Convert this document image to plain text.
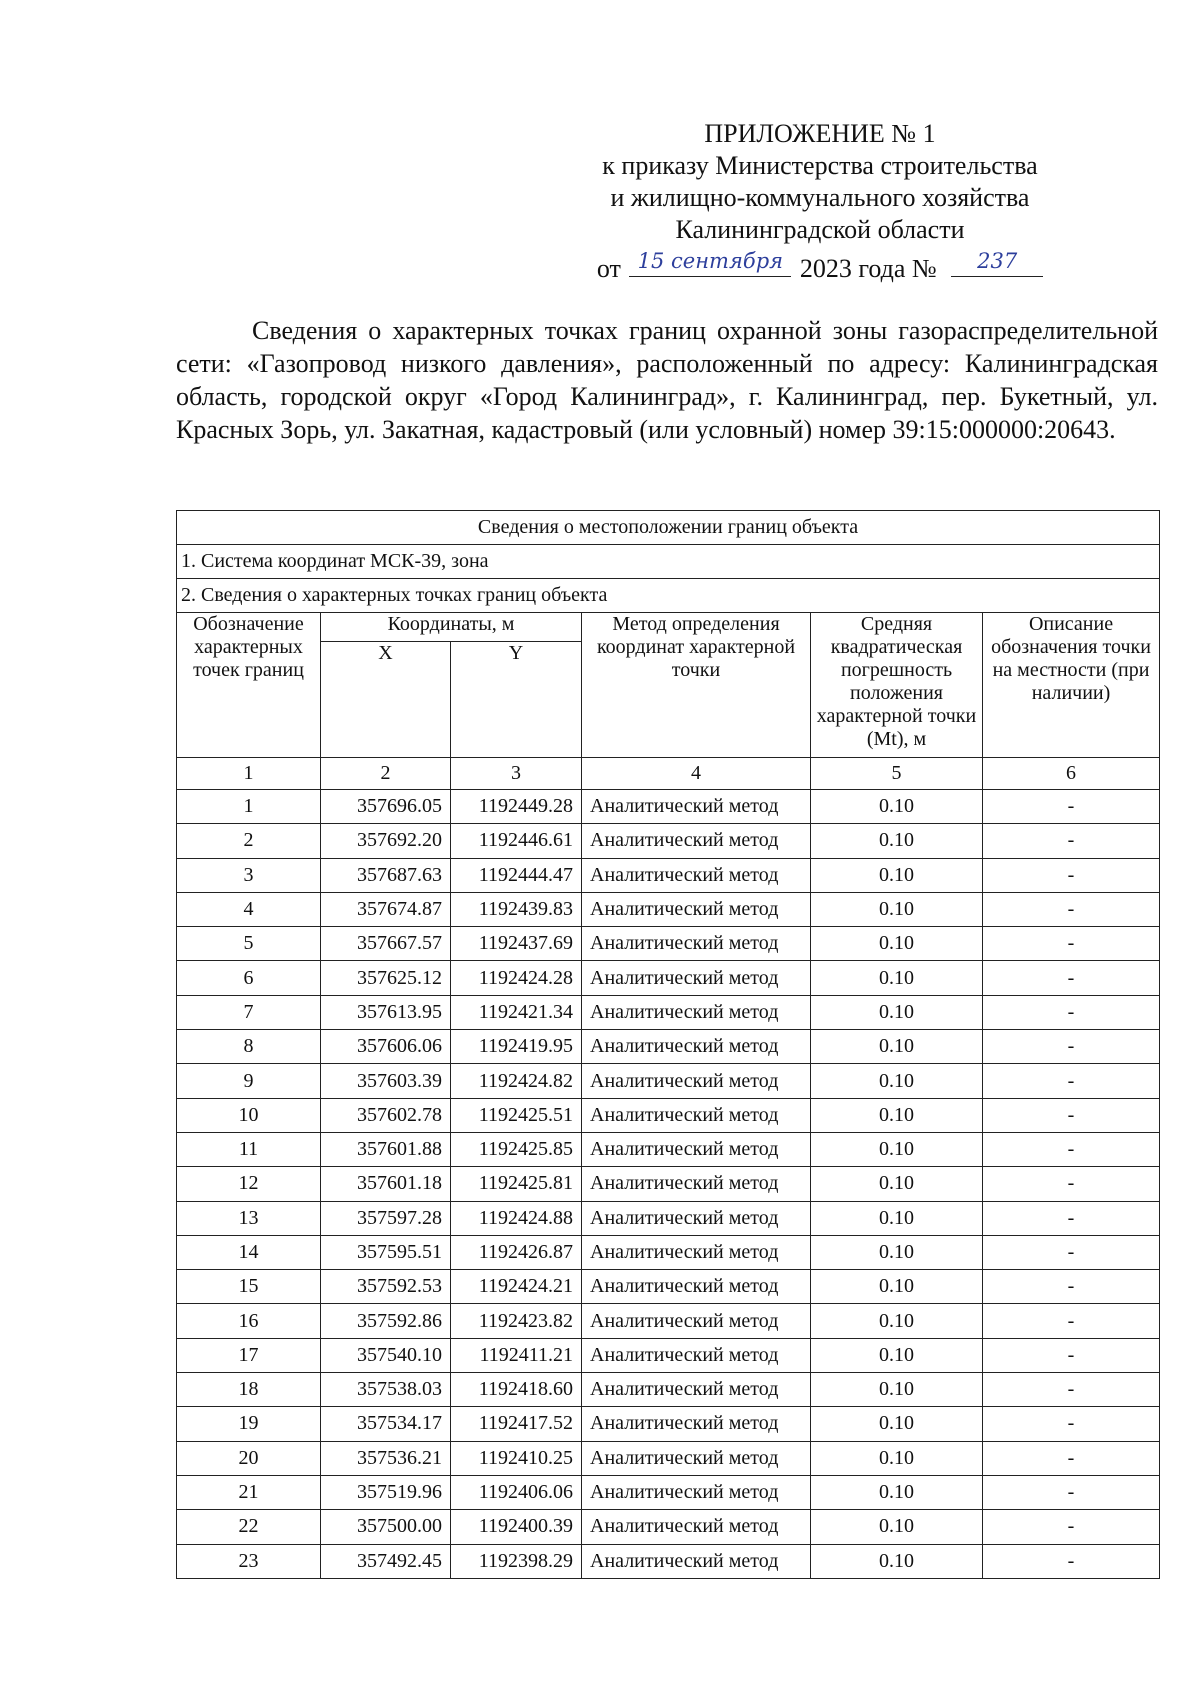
ПРИЛОЖЕНИЕ № 1
к приказу Министерства строительства
и жилищно-коммунального хозяйства
Калининградской области
от 15 сентября 2023 года №	237
Сведения о характерных точках границ охранной зоны газораспределительной сети: «Газопровод низкого давления», расположенный по адресу: Калининградская область, городской округ «Город Калининград», г. Калининград, пер. Букетный, ул. Красных Зорь, ул. Закатная, кадастровый (или условный) номер 39:15:000000:20643.
Сведения о местоположении границ объекта					
1. Система координат МСК-39, зона					
2. Сведения о характерных точках границ объекта					
Обозначение характерных точек границ	Координаты, м		Метод определения координат характерной точки	Средняя квадратическая погрешность положения характерной точки (Mt), м	Описание обозначения точки на местности (при наличии)
	X	Y			
1	2	3	4	5	6
1	357696.05	1192449.28	Аналитический метод	0.10	-
2	357692.20	1192446.61	Аналитический метод	0.10	-
3	357687.63	1192444.47	Аналитический метод	0.10	-
4	357674.87	1192439.83	Аналитический метод	0.10	-
5	357667.57	1192437.69	Аналитический метод	0.10	-
6	357625.12	1192424.28	Аналитический метод	0.10	-
7	357613.95	1192421.34	Аналитический метод	0.10	-
8	357606.06	1192419.95	Аналитический метод	0.10	-
9	357603.39	1192424.82	Аналитический метод	0.10	-
10	357602.78	1192425.51	Аналитический метод	0.10	-
11	357601.88	1192425.85	Аналитический метод	0.10	-
12	357601.18	1192425.81	Аналитический метод	0.10	-
13	357597.28	1192424.88	Аналитический метод	0.10	-
14	357595.51	1192426.87	Аналитический метод	0.10	-
15	357592.53	1192424.21	Аналитический метод	0.10	-
16	357592.86	1192423.82	Аналитический метод	0.10	-
17	357540.10	1192411.21	Аналитический метод	0.10	-
18	357538.03	1192418.60	Аналитический метод	0.10	-
19	357534.17	1192417.52	Аналитический метод	0.10	-
20	357536.21	1192410.25	Аналитический метод	0.10	-
21	357519.96	1192406.06	Аналитический метод	0.10	-
22	357500.00	1192400.39	Аналитический метод	0.10	-
23	357492.45	1192398.29	Аналитический метод	0.10	-
